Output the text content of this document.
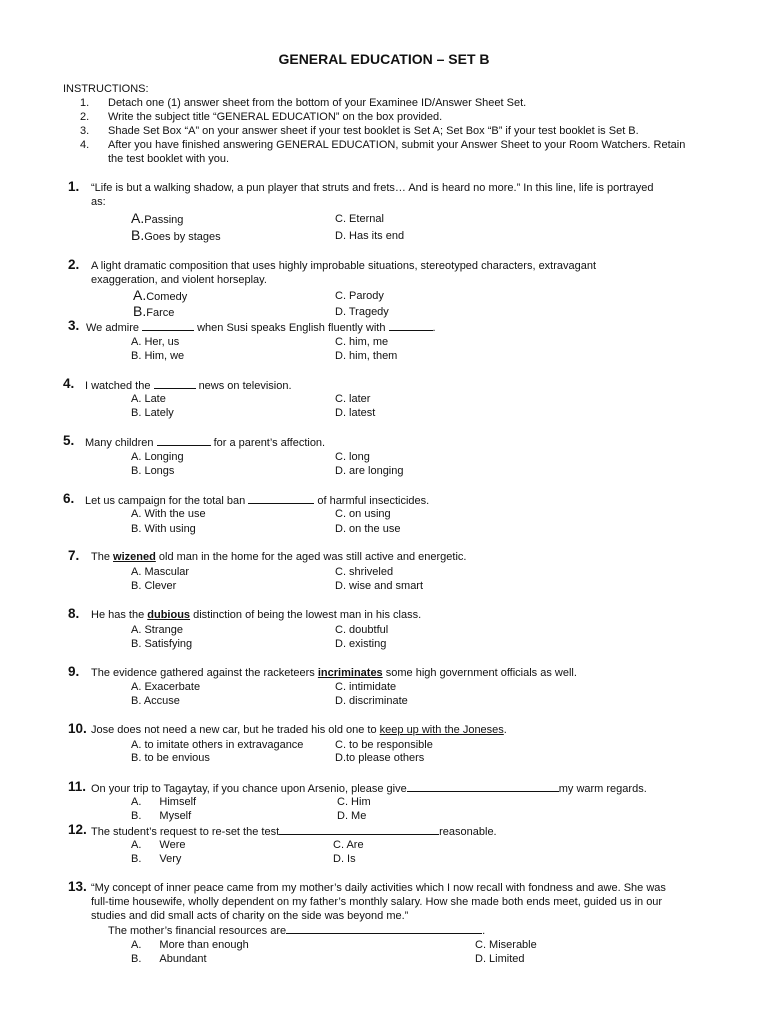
GENERAL EDUCATION – SET B
INSTRUCTIONS:
1. Detach one (1) answer sheet from the bottom of your Examinee ID/Answer Sheet Set.
2. Write the subject title “GENERAL EDUCATION” on the box provided.
3. Shade Set Box “A” on your answer sheet if your test booklet is Set A; Set Box “B” if your test booklet is Set B.
4. After you have finished answering GENERAL EDUCATION, submit your Answer Sheet to your Room Watchers. Retain
the test booklet with you.
1. “Life is but a walking shadow, a pun player that struts and frets… And is heard no more.” In this line, life is portrayed
as:
A.Passing	C. Eternal
B.Goes by stages	D. Has its end
2. A light dramatic composition that uses highly improbable situations, stereotyped characters, extravagant
exaggeration, and violent horseplay.
A.Comedy	C. Parody
B.Farce	D. Tragedy
3. We admire	when Susi speaks English fluently with	.
A. Her, us	C. him, me
B. Him, we	D. him, them
4. I watched the	news on television.
A. Late	C. later
B. Lately	D. latest
5. Many children	for a parent’s affection.
A. Longing	C. long
B. Longs	D. are longing
6. Let us campaign for the total ban	of harmful insecticides.
A. With the use	C. on using
B. With using	D. on the use
7. The wizened old man in the home for the aged was still active and energetic.
A. Mascular	C. shriveled
B. Clever	D. wise and smart
8. He has the dubious distinction of being the lowest man in his class.
A. Strange	C. doubtful
B. Satisfying	D. existing
9. The evidence gathered against the racketeers incriminates some high government officials as well.
A. Exacerbate	C. intimidate
B. Accuse	D. discriminate
10. Jose does not need a new car, but he traded his old one to keep up with the Joneses.
A. to imitate others in extravagance	C. to be responsible
B. to be envious	D.to please others
11. On your trip to Tagaytay, if you chance upon Arsenio, please give	my warm regards.
A. Himself	C. Him
B. Myself	D. Me
12. The student’s request to re-set the test	reasonable.
A. Were	C. Are
B. Very	D. Is
13. “My concept of inner peace came from my mother’s daily activities which I now recall with fondness and awe. She was
full-time housewife, wholly dependent on my father’s monthly salary. How she made both ends meet, guided us in our
studies and did small acts of charity on the side was beyond me.”
The mother’s financial resources are	.
A. More than enough	C. Miserable
B. Abundant	D. Limited
